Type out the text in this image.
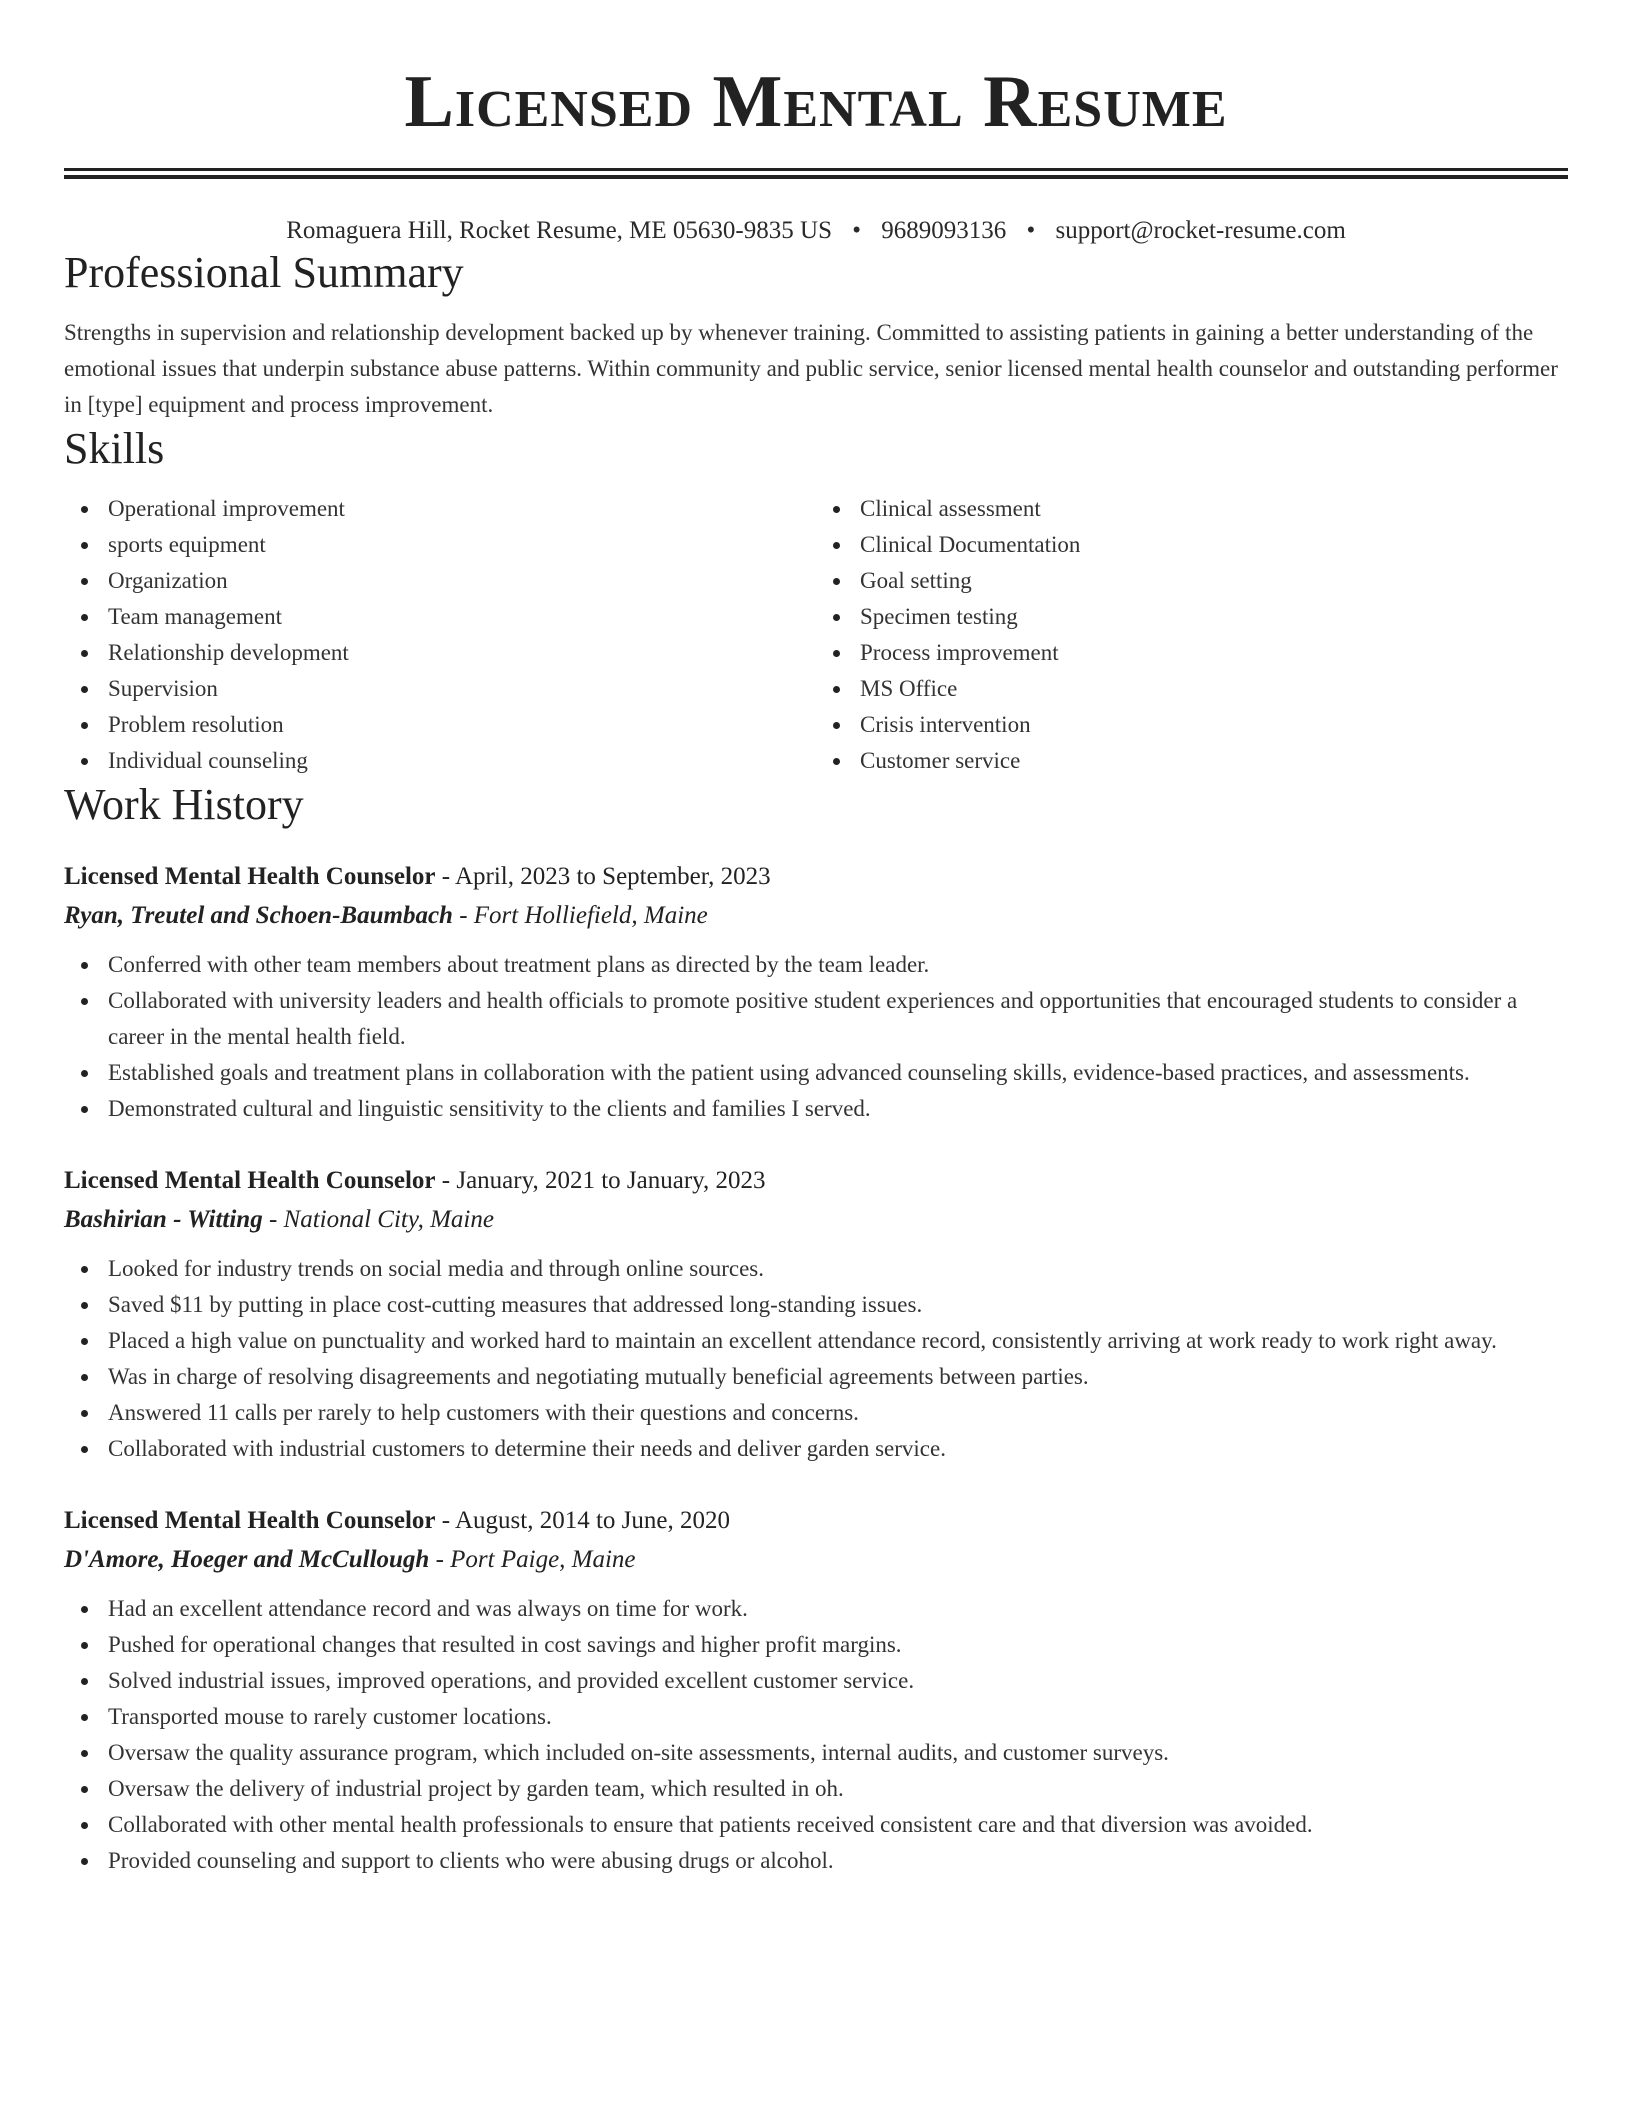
Licensed Mental Resume
Romaguera Hill, Rocket Resume, ME 05630-9835 US • 9689093136 • support@rocket-resume.com
Professional Summary

Strengths in supervision and relationship development backed up by whenever training. Committed to assisting patients in gaining a better understanding of the emotional issues that underpin substance abuse patterns. Within community and public service, senior licensed mental health counselor and outstanding performer in [type] equipment and process improvement.

Skills
Operational improvement
sports equipment
Organization
Team management
Relationship development
Supervision
Problem resolution
Individual counseling
Clinical assessment
Clinical Documentation
Goal setting
Specimen testing
Process improvement
MS Office
Crisis intervention
Customer service
Work History
Licensed Mental Health Counselor - April, 2023 to September, 2023
Ryan, Treutel and Schoen-Baumbach - Fort Holliefield, Maine
Conferred with other team members about treatment plans as directed by the team leader.
Collaborated with university leaders and health officials to promote positive student experiences and opportunities that encouraged students to consider a career in the mental health field.
Established goals and treatment plans in collaboration with the patient using advanced counseling skills, evidence-based practices, and assessments.
Demonstrated cultural and linguistic sensitivity to the clients and families I served.
Licensed Mental Health Counselor - January, 2021 to January, 2023
Bashirian - Witting - National City, Maine
Looked for industry trends on social media and through online sources.
Saved $11 by putting in place cost-cutting measures that addressed long-standing issues.
Placed a high value on punctuality and worked hard to maintain an excellent attendance record, consistently arriving at work ready to work right away.
Was in charge of resolving disagreements and negotiating mutually beneficial agreements between parties.
Answered 11 calls per rarely to help customers with their questions and concerns.
Collaborated with industrial customers to determine their needs and deliver garden service.
Licensed Mental Health Counselor - August, 2014 to June, 2020
D'Amore, Hoeger and McCullough - Port Paige, Maine
Had an excellent attendance record and was always on time for work.
Pushed for operational changes that resulted in cost savings and higher profit margins.
Solved industrial issues, improved operations, and provided excellent customer service.
Transported mouse to rarely customer locations.
Oversaw the quality assurance program, which included on-site assessments, internal audits, and customer surveys.
Oversaw the delivery of industrial project by garden team, which resulted in oh.
Collaborated with other mental health professionals to ensure that patients received consistent care and that diversion was avoided.
Provided counseling and support to clients who were abusing drugs or alcohol.
